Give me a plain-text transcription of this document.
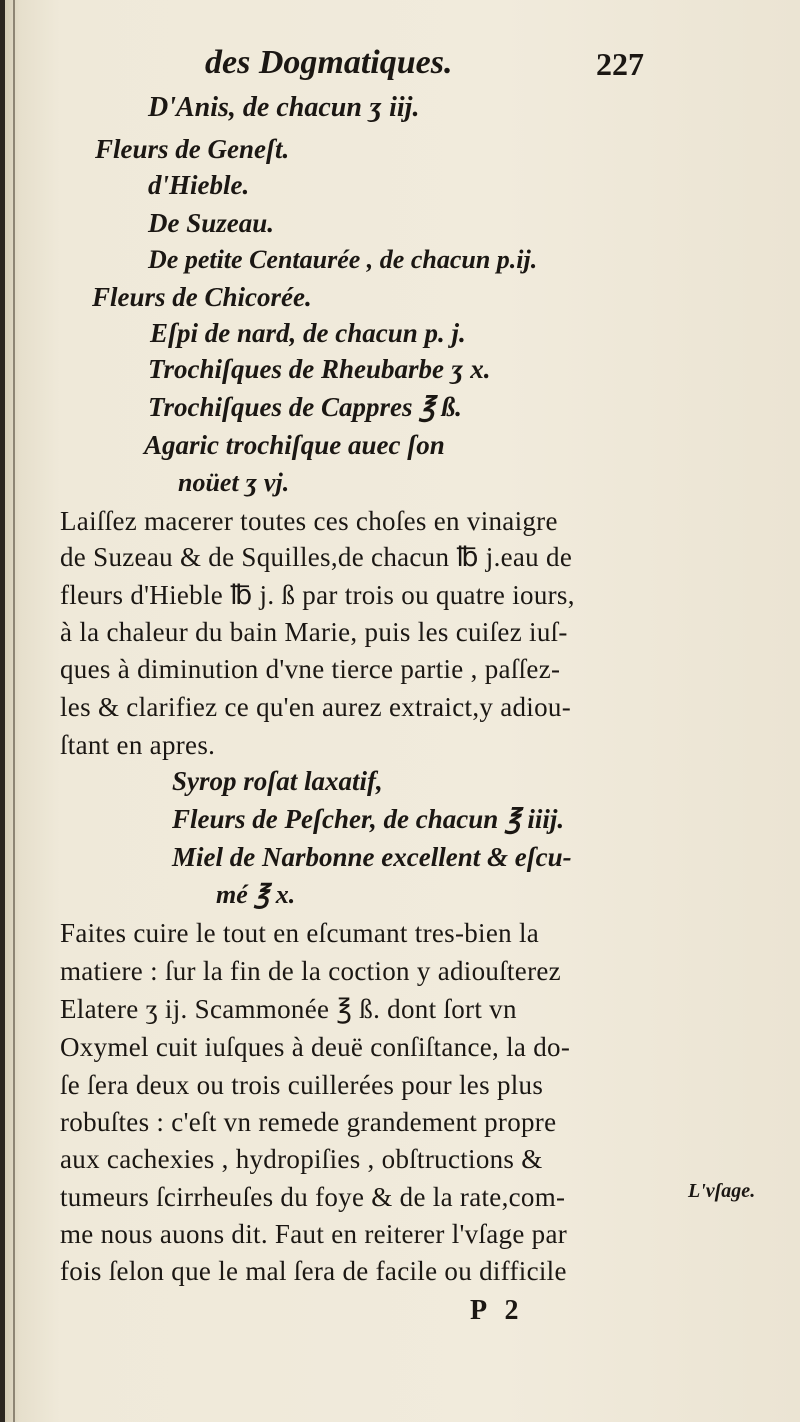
des Dogmatiques.	227
D'Anis, de chacun ʒ iij.
Fleurs de Geneſt.
d'Hieble.
De Suzeau.
De petite Centaurée , de chacun p.ij.
Fleurs de Chicorée.
Eſpi de nard, de chacun p. j.
Trochiſques de Rheubarbe ʒ x.
Trochiſques de Cappres ℥ ß.
Agaric trochiſque auec ſon
noüet ʒ vj.
Laiſſez macerer toutes ces choſes en vinaigre
de Suzeau & de Squilles,de chacun ℔ j.eau de
fleurs d'Hieble ℔ j. ß par trois ou quatre iours,
à la chaleur du bain Marie, puis les cuiſez iuſ-
ques à diminution d'vne tierce partie , paſſez-
les & clarifiez ce qu'en aurez extraict,y adiou-
ſtant en apres.
Syrop roſat laxatif,
Fleurs de Peſcher, de chacun ℥ iiij.
Miel de Narbonne excellent & eſcu-
mé ℥ x.
Faites cuire le tout en eſcumant tres-bien la
matiere : ſur la fin de la coction y adiouſterez
Elatere ʒ ij. Scammonée ℥ ß. dont ſort vn
Oxymel cuit iuſques à deuë conſiſtance, la do-
ſe ſera deux ou trois cuillerées pour les plus
robuſtes : c'eſt vn remede grandement propre
aux cachexies , hydropiſies , obſtructions &
tumeurs ſcirrheuſes du foye & de la rate,com-
me nous auons dit. Faut en reiterer l'vſage par
fois ſelon que le mal ſera de facile ou difficile
L'vſage.
P 2
